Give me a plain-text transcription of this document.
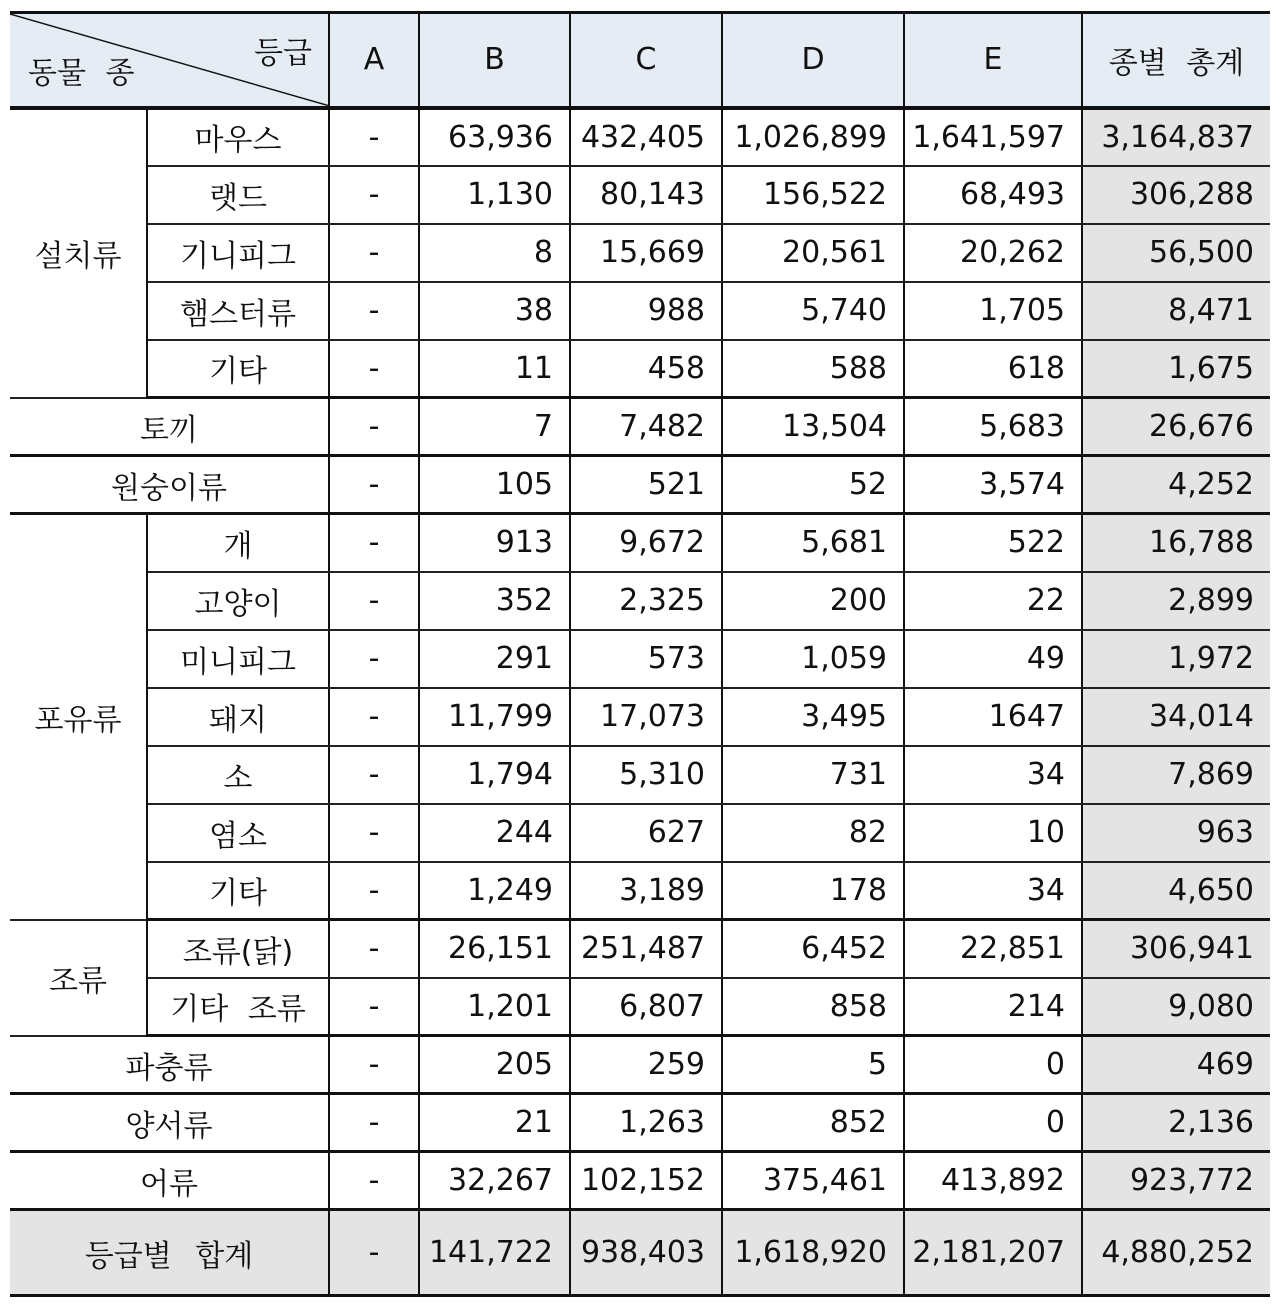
등급
동물 종		A	B	C	D	E	종별 총계
설치류	마우스	-	63,936	432,405	1,026,899	1,641,597	3,164,837
	랫드	-	1,130	80,143	156,522	68,493	306,288
	기니피그	-	8	15,669	20,561	20,262	56,500
	햄스터류	-	38	988	5,740	1,705	8,471
	기타	-	11	458	588	618	1,675
토끼		-	7	7,482	13,504	5,683	26,676
원숭이류		-	105	521	52	3,574	4,252
포유류	개	-	913	9,672	5,681	522	16,788
	고양이	-	352	2,325	200	22	2,899
	미니피그	-	291	573	1,059	49	1,972
	돼지	-	11,799	17,073	3,495	1647	34,014
	소	-	1,794	5,310	731	34	7,869
	염소	-	244	627	82	10	963
	기타	-	1,249	3,189	178	34	4,650
조류	조류(닭)	-	26,151	251,487	6,452	22,851	306,941
	기타 조류	-	1,201	6,807	858	214	9,080
파충류		-	205	259	5	0	469
양서류		-	21	1,263	852	0	2,136
어류		-	32,267	102,152	375,461	413,892	923,772
등급별 합계		-	141,722	938,403	1,618,920	2,181,207	4,880,252
